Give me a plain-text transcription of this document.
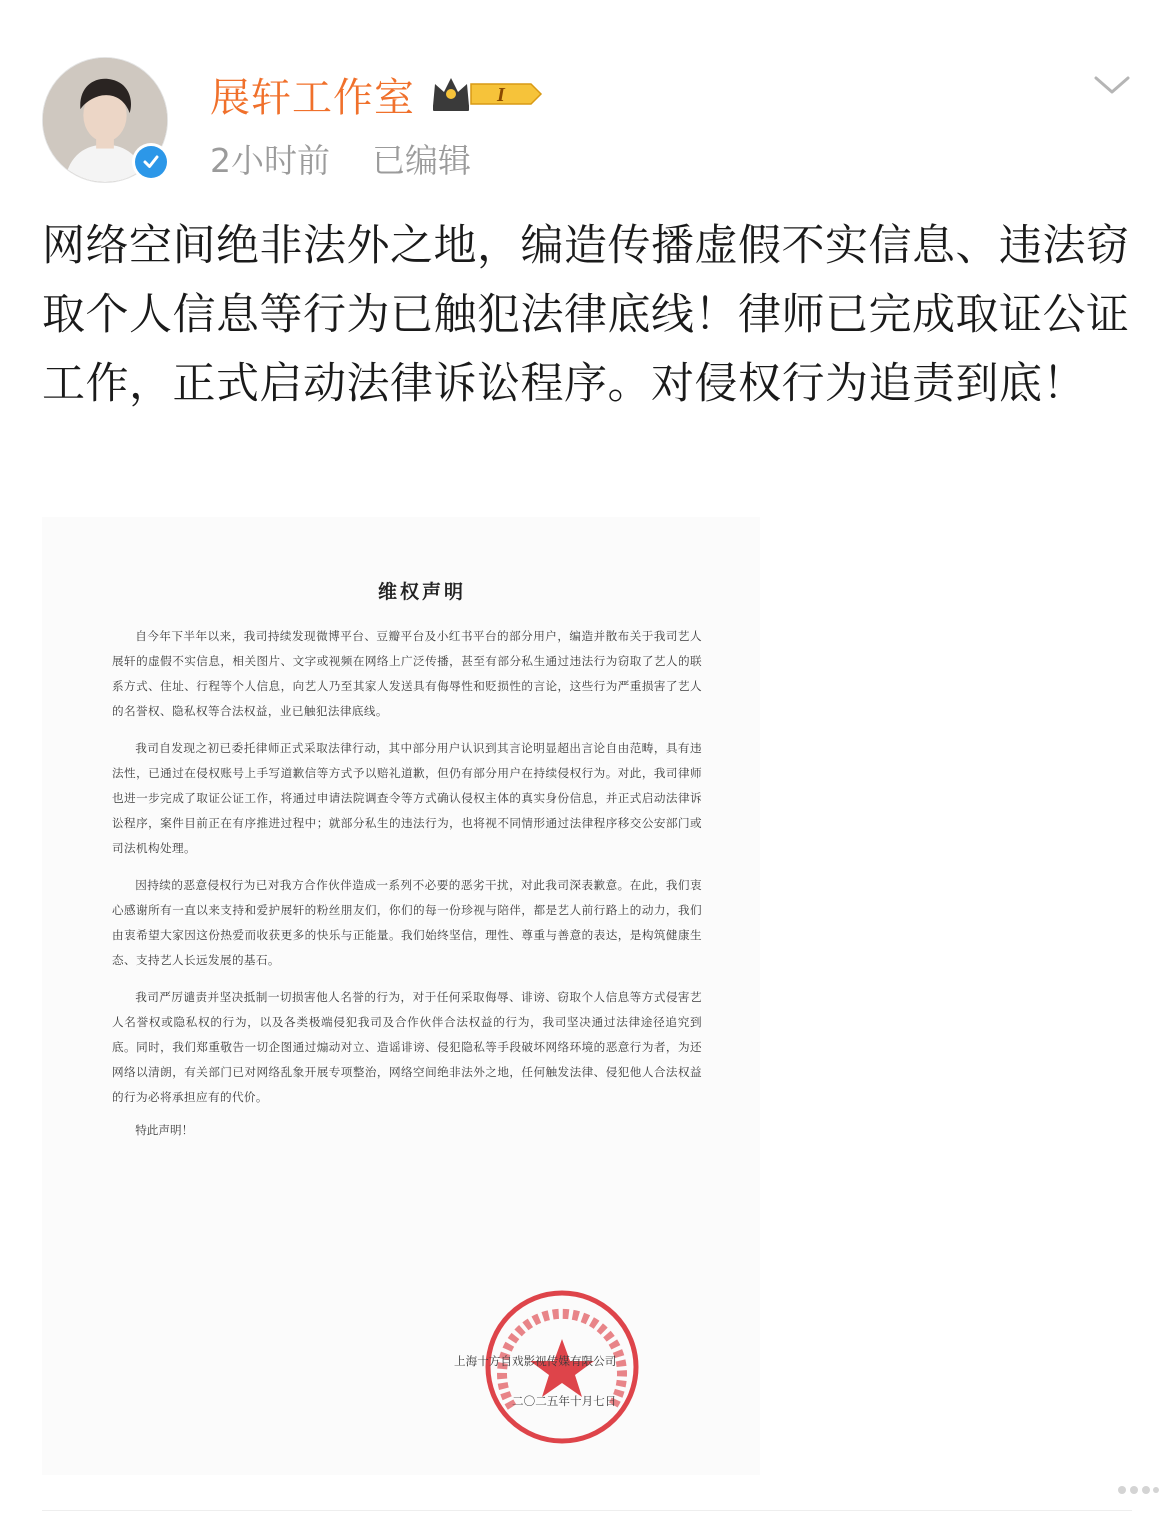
展轩工作室	I
2小时前 已编辑
网络空间绝非法外之地，编造传播虚假不实信息、违法窃取个人信息等行为已触犯法律底线！律师已完成取证公证工作，正式启动法律诉讼程序。对侵权行为追责到底！
维权声明

自今年下半年以来，我司持续发现微博平台、豆瓣平台及小红书平台的部分用户，编造并散布关于我司艺人展轩的虚假不实信息，相关图片、文字或视频在网络上广泛传播，甚至有部分私生通过违法行为窃取了艺人的联系方式、住址、行程等个人信息，向艺人乃至其家人发送具有侮辱性和贬损性的言论，这些行为严重损害了艺人的名誉权、隐私权等合法权益，业已触犯法律底线。

我司自发现之初已委托律师正式采取法律行动，其中部分用户认识到其言论明显超出言论自由范畴，具有违法性，已通过在侵权账号上手写道歉信等方式予以赔礼道歉，但仍有部分用户在持续侵权行为。对此，我司律师也进一步完成了取证公证工作，将通过申请法院调查令等方式确认侵权主体的真实身份信息，并正式启动法律诉讼程序，案件目前正在有序推进过程中；就部分私生的违法行为，也将视不同情形通过法律程序移交公安部门或司法机构处理。

因持续的恶意侵权行为已对我方合作伙伴造成一系列不必要的恶劣干扰，对此我司深表歉意。在此，我们衷心感谢所有一直以来支持和爱护展轩的粉丝朋友们，你们的每一份珍视与陪伴，都是艺人前行路上的动力，我们由衷希望大家因这份热爱而收获更多的快乐与正能量。我们始终坚信，理性、尊重与善意的表达，是构筑健康生态、支持艺人长远发展的基石。

我司严厉谴责并坚决抵制一切损害他人名誉的行为，对于任何采取侮辱、诽谤、窃取个人信息等方式侵害艺人名誉权或隐私权的行为，以及各类极端侵犯我司及合作伙伴合法权益的行为，我司坚决通过法律途径追究到底。同时，我们郑重敬告一切企图通过煽动对立、造谣诽谤、侵犯隐私等手段破坏网络环境的恶意行为者，为还网络以清朗，有关部门已对网络乱象开展专项整治，网络空间绝非法外之地，任何触发法律、侵犯他人合法权益的行为必将承担应有的代价。

特此声明！

上海十方自戏影视传媒有限公司
二〇二五年十月七日
